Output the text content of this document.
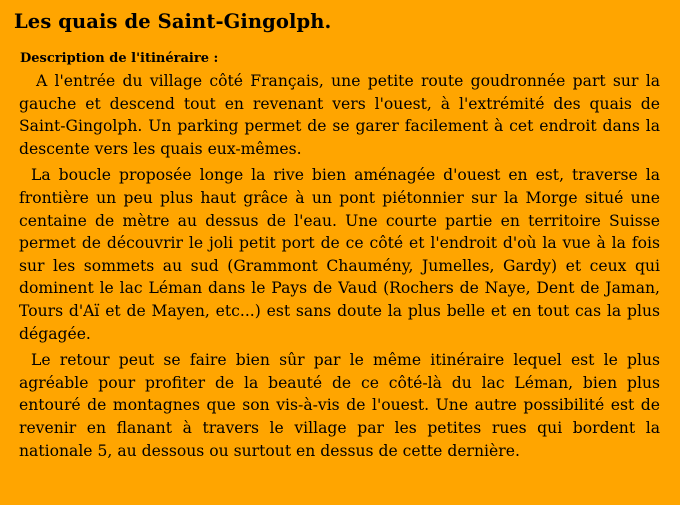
Les quais de Saint-Gingolph.
Description de l'itinéraire :

A l'entrée du village côté Français, une petite route goudronnée part sur la gauche et descend tout en revenant vers l'ouest, à l'extrémité des quais de Saint-Gingolph. Un parking permet de se garer facilement à cet endroit dans la descente vers les quais eux-mêmes.

La boucle proposée longe la rive bien aménagée d'ouest en est, traverse la frontière un peu plus haut grâce à un pont piétonnier sur la Morge situé une centaine de mètre au dessus de l'eau. Une courte partie en territoire Suisse permet de découvrir le joli petit port de ce côté et l'endroit d'où la vue à la fois sur les sommets au sud (Grammont Chaumény, Jumelles, Gardy) et ceux qui dominent le lac Léman dans le Pays de Vaud (Rochers de Naye, Dent de Jaman, Tours d'Aï et de Mayen, etc...) est sans doute la plus belle et en tout cas la plus dégagée.

Le retour peut se faire bien sûr par le même itinéraire lequel est le plus agréable pour profiter de la beauté de ce côté-là du lac Léman, bien plus entouré de montagnes que son vis-à-vis de l'ouest. Une autre possibilité est de revenir en flanant à travers le village par les petites rues qui bordent la nationale 5, au dessous ou surtout en dessus de cette dernière.
